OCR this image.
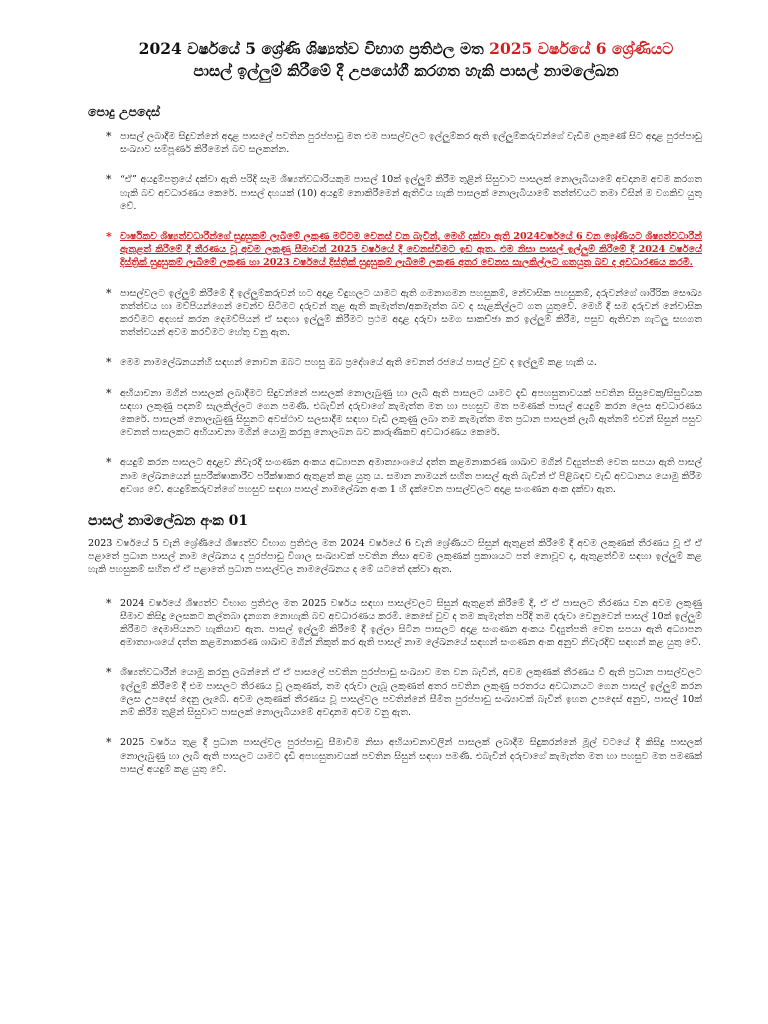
2024 වර්ෂයේ 5 ශ්‍රේණි ශිෂ්‍යත්ව විභාග ප්‍රතිඵල මත 2025 වර්ෂයේ 6 ශ්‍රේණියට
පාසල් ඉල්ලුම් කිරීමේ දී උපයෝගී කරගත හැකි පාසල් නාමලේඛන
පොදු උපදෙස්
* පාසල් ලබාදීම සිදුවන්නේ අදාළ පාසලේ පවතින පුරප්පාඩු මත එම පාසල්වලට ඉල්ලුම්කර ඇති ඉල්ලුම්කරුවන්ගේ වැඩිම ලකුණේ සිට අදාළ පුරප්පාඩු සංඛ්‍යාව සම්පූර්ණ කිරීමෙන් බව සලකන්න.
* “ඒ” අයදුම්පත්‍රයේ දක්වා ඇති පරිදි සෑම ශිෂ්‍යත්වධාරියකුම පාසල් 10ක් ඉල්ලුම් කිරීම තුළින් සිසුවාට පාසලක් නොලැබීයාමේ අවදානම අවම කරගත හැකි බව අවධාරණය කෙරේ. පාසල් දහයක් (10) අයදුම් නොකිරීමෙන් ඇතිවිය හැකි පාසලක් නොලැබීයාමේ තත්ත්වයට තමා විසින් ම වගකිව යුතු වේ.
* වාර්ෂිකව ශිෂ්‍යත්වධාරීන්ගේ සුදුසුකම් ලැබීමේ ලකුණ මට්ටම වෙනස් වන බැවින්, මෙහි දක්වා ඇති 2024වර්ෂයේ 6 වන ශ්‍රේණියට ශිෂ්‍යත්වධාරීන් ඇතුළත් කිරීමේ දී තීරණය වූ අවම ලකුණු සීමාවන් 2025 වර්ෂයේ දී වෙනස්වීමට ඉඩ ඇත. එම නිසා පාසල් ඉල්ලුම් කිරීමේ දී 2024 වර්ෂයේ දිස්ත්‍රික් සුදුසුකම් ලැබීමේ ලකුණ හා 2023 වර්ෂයේ දිස්ත්‍රික් සුදුසුකම් ලැබීමේ ලකුණ අතර වෙනස සැලකිල්ලට ගතයුතු බව ද අවධාරණය කරමි.
* පාසල්වලට ඉල්ලුම් කිරීමේ දී ඉල්ලුම්කරුවන් හට අදාළ විදුහලට යාමට ඇති ගමනාගමන පහසුකම්, නේවාසික පහසුකම්, දරුවන්ගේ ශාරීරික සෞඛ්‍ය තත්ත්වය හා මව්පියන්ගෙන් වෙන්ව සිටීමට දරුවන් තුළ ඇති කැමැත්ත/අකමැත්ත බව ද සැළකිල්ලට ගත යුතුවේ. මෙහි දී සම දරුවන් නේවාසික කරවීමට අදහස් කරන දෙමව්පියන් ඒ සඳහා ඉල්ලුම් කිරීමට ප්‍රථම අදාළ දරුවා සමග සාකච්ඡා කර ඉල්ලුම් කිරීම, පසුව ඇතිවන ගැටලු සහගත තත්ත්වයන් අවම කරවීමට හේතු වනු ඇත.
* මෙම නාමලේඛනයන්හි සඳහන් නොවන ඔබට පහසු ඔබ ප්‍රදේශයේ ඇති වෙනත් රජයේ පාසල් වුව ද ඉල්ලුම් කළ හැකි ය.
* අභියාචනා මගින් පාසලක් ලබාදීමට සිදුවන්නේ පාසලක් නොලැබුණු හා ලැබී ඇති පාසලට යාමට දැඩි අපහසුතාවයක් පවතින සිසුවෙකු/සිසුවියක සඳහා ලකුණු පදනම් සැලකිල්ලට ගෙන පමණි. එබැවින් දරුවාගේ කැමැත්ත මත හා පහසුව මත පමණක් පාසල් අයදුම් කරන ලෙස අවධාරණය කෙරේ. පාසලක් නොලැබුණු සිසුනට අවස්ථාව සලසාදීම සඳහා වැඩි ලකුණු ලබා තම කැමැත්ත මත ප්‍රධාන පාසලක් ලැබී ඇත්නම් එවන් සිසුන් පසුව වෙනත් පාසලකට අභියාචනා මගින් යොමු කරනු නොලබන බව කාරුණිකව අවධාරණය කෙරේ.
* අයදුම් කරන පාසලට අදාළව නිවැරදි සංගණන අංකය අධ්‍යාපන අමාත්‍යාංශයේ දත්ත කළමනාකරණ ශාඛාව මගින් විද්‍යුත්පති වෙත සපයා ඇති පාසල් නාම ලේඛනයෙන් සුපරීක්ෂාකාරීව පරීක්ෂාකර ඇතුළත් කළ යුතු ය. සමාන නාමයන් සහිත පාසල් ඇති බැවින් ඒ පිළිබඳව වැඩි අවධානය යොමු කිරීම අවශ්‍ය වේ. අයදුම්කරුවන්ගේ පහසුව සඳහා පාසල් නාමලේඛන අංක 1 හි දැක්වෙන පාසල්වලට අදාළ සංගණන අංක දක්වා ඇත.
පාසල් නාමලේඛන අංක 01

2023 වර්ෂයේ 5 වැනි ශ්‍රේණියේ ශිෂ්‍යත්ව විභාග ප්‍රතිඵල මත 2024 වර්ෂයේ 6 වැනි ශ්‍රේණියට සිසුන් ඇතුළත් කිරීමේ දී අවම ලකුණක් තීරණය වූ ඒ ඒ පළාතේ ප්‍රධාන පාසල් නාම ලේඛනය ද පුරප්පාඩු විශාල සංඛ්‍යාවක් පවතින නිසා අවම ලකුණක් ප්‍රකාශයට පත් නොවූව ද, ඇතුළත්වීම සඳහා ඉල්ලුම් කළ හැකි පහසුකම් සහිත ඒ ඒ පළාතේ ප්‍රධාන පාසල්වල නාමලේඛනය ද මේ යටතේ දක්වා ඇත.

* 2024 වර්ෂයේ ශිෂ්‍යත්ව විභාග ප්‍රතිඵල මත 2025 වර්ෂය සඳහා පාසල්වලට සිසුන් ඇතුළත් කිරීමේ දී, ඒ ඒ පාසලට තීරණය වන අවම ලකුණු සීමාව කිසිදු ලෙසකට කල්තබා දැනගත නොහැකි බව අවධාරණය කරමි. කෙසේ වුව ද තම කැමැත්ත පරිදි තම දරුවා වෙනුවෙන් පාසල් 10ක් ඉල්ලුම් කිරීමට දෙමාපියනට හැකියාව ඇත. පාසල් ඉල්ලුම් කිරීමේ දී ඉල්ලා සිටින පාසලට අදාළ සංගණන අංකය විද්‍යුත්පති වෙත සපයා ඇති අධ්‍යාපන අමාත්‍යාංශයේ දත්ත කළමනාකරණ ශාඛාව මගින් නිකුත් කර ඇති පාසල් නාම ලේඛනයේ සඳහන් සංගණන අංක අනුව නිවැරදිව සඳහන් කළ යුතු වේ.
* ශිෂ්‍යත්වධාරීන් යොමු කරනු ලබන්නේ ඒ ඒ පාසලේ පවතින පුරප්පාඩු සංඛ්‍යාව මත වන බැවින්, අවම ලකුණක් තීරණය වී ඇති ප්‍රධාන පාසල්වලට ඉල්ලුම් කිරීමේ දී එම පාසලට තීරණය වූ ලකුණත්, තම දරුවා ලැබූ ලකුණත් අතර පවතින ලකුණු පරතරය අවධානයට ගෙන පාසල් ඉල්ලුම් කරන ලෙස උපදෙස් දෙනු ලැබේ. අවම ලකුණක් තීරණය වූ පාසල්වල පවතින්නේ සීමිත පුරප්පාඩු සංඛ්‍යාවක් බැවින් ඉහත උපදෙස් අනුව, පාසල් 10ක් නම් කිරීම තුළින් සිසුවාට පාසලක් නොලැබීයාමේ අවදානම අවම වනු ඇත.
* 2025 වර්ෂය තුළ දී ප්‍රධාන පාසල්වල පුරප්පාඩු සීමාවීම නිසා අභියාචනාවලින් පාසලක් ලබාදීම සිදුකරන්නේ මූල් වටයේ දී කිසිදු පාසලක් නොලැබුණු හා ලැබී ඇති පාසලට යාමට දැඩි අපහසුතාවයක් පවතින සිසුන් සඳහා පමණි. එබැවින් දරුවාගේ කැමැත්ත මත හා පහසුව මත පමණක් පාසල් අයදුම් කළ යුතු වේ.
